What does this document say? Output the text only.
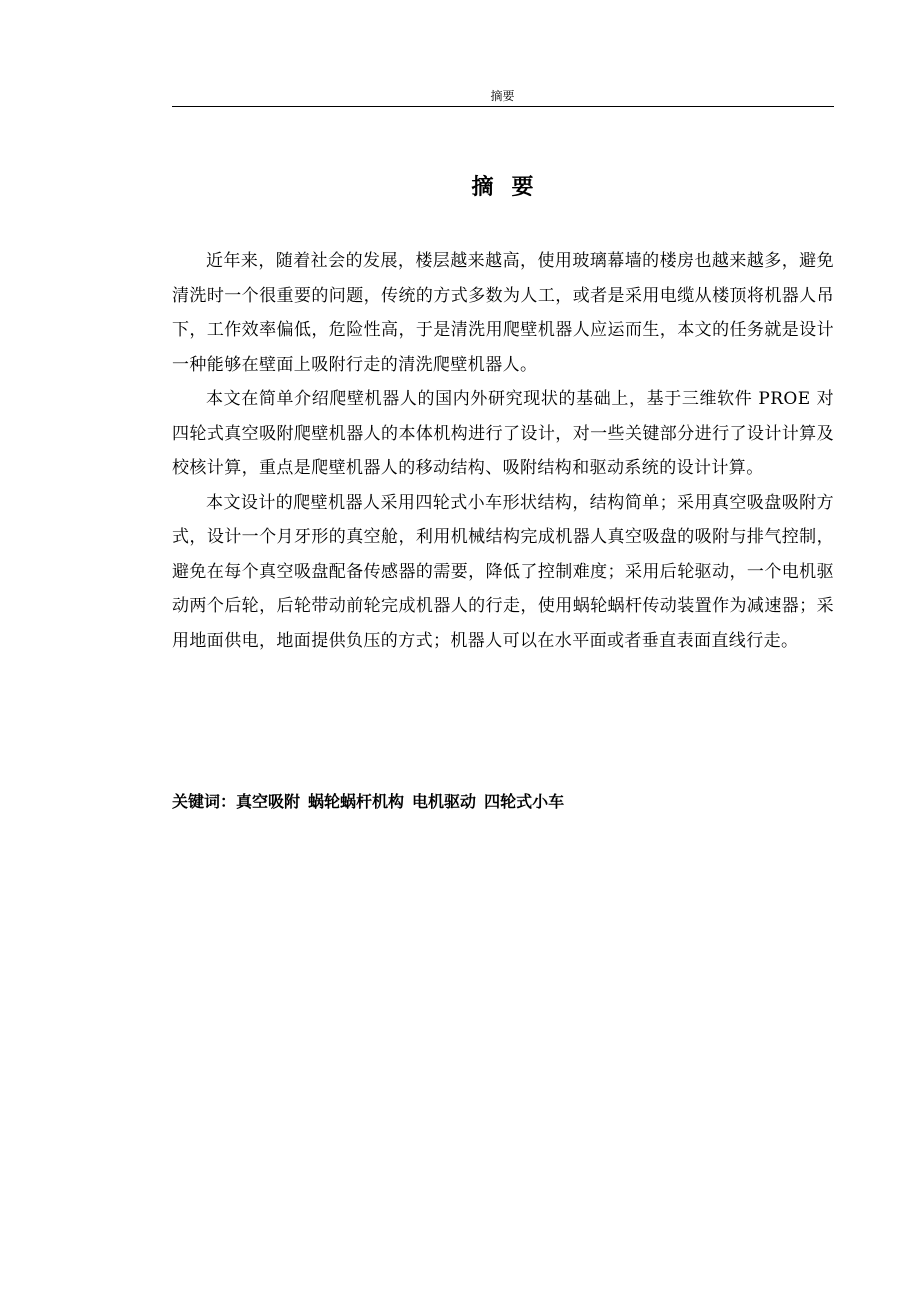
摘要
摘要

近年来，随着社会的发展，楼层越来越高，使用玻璃幕墙的楼房也越来越多，避免清洗时一个很重要的问题，传统的方式多数为人工，或者是采用电缆从楼顶将机器人吊下，工作效率偏低，危险性高，于是清洗用爬壁机器人应运而生，本文的任务就是设计一种能够在壁面上吸附行走的清洗爬壁机器人。

本文在简单介绍爬壁机器人的国内外研究现状的基础上，基于三维软件 PROE 对四轮式真空吸附爬壁机器人的本体机构进行了设计，对一些关键部分进行了设计计算及校核计算，重点是爬壁机器人的移动结构、吸附结构和驱动系统的设计计算。

本文设计的爬壁机器人采用四轮式小车形状结构，结构简单；采用真空吸盘吸附方式，设计一个月牙形的真空舱，利用机械结构完成机器人真空吸盘的吸附与排气控制，避免在每个真空吸盘配备传感器的需要，降低了控制难度；采用后轮驱动，一个电机驱动两个后轮，后轮带动前轮完成机器人的行走，使用蜗轮蜗杆传动装置作为减速器；采用地面供电，地面提供负压的方式；机器人可以在水平面或者垂直表面直线行走。

关键词：真空吸附 蜗轮蜗杆机构 电机驱动 四轮式小车
